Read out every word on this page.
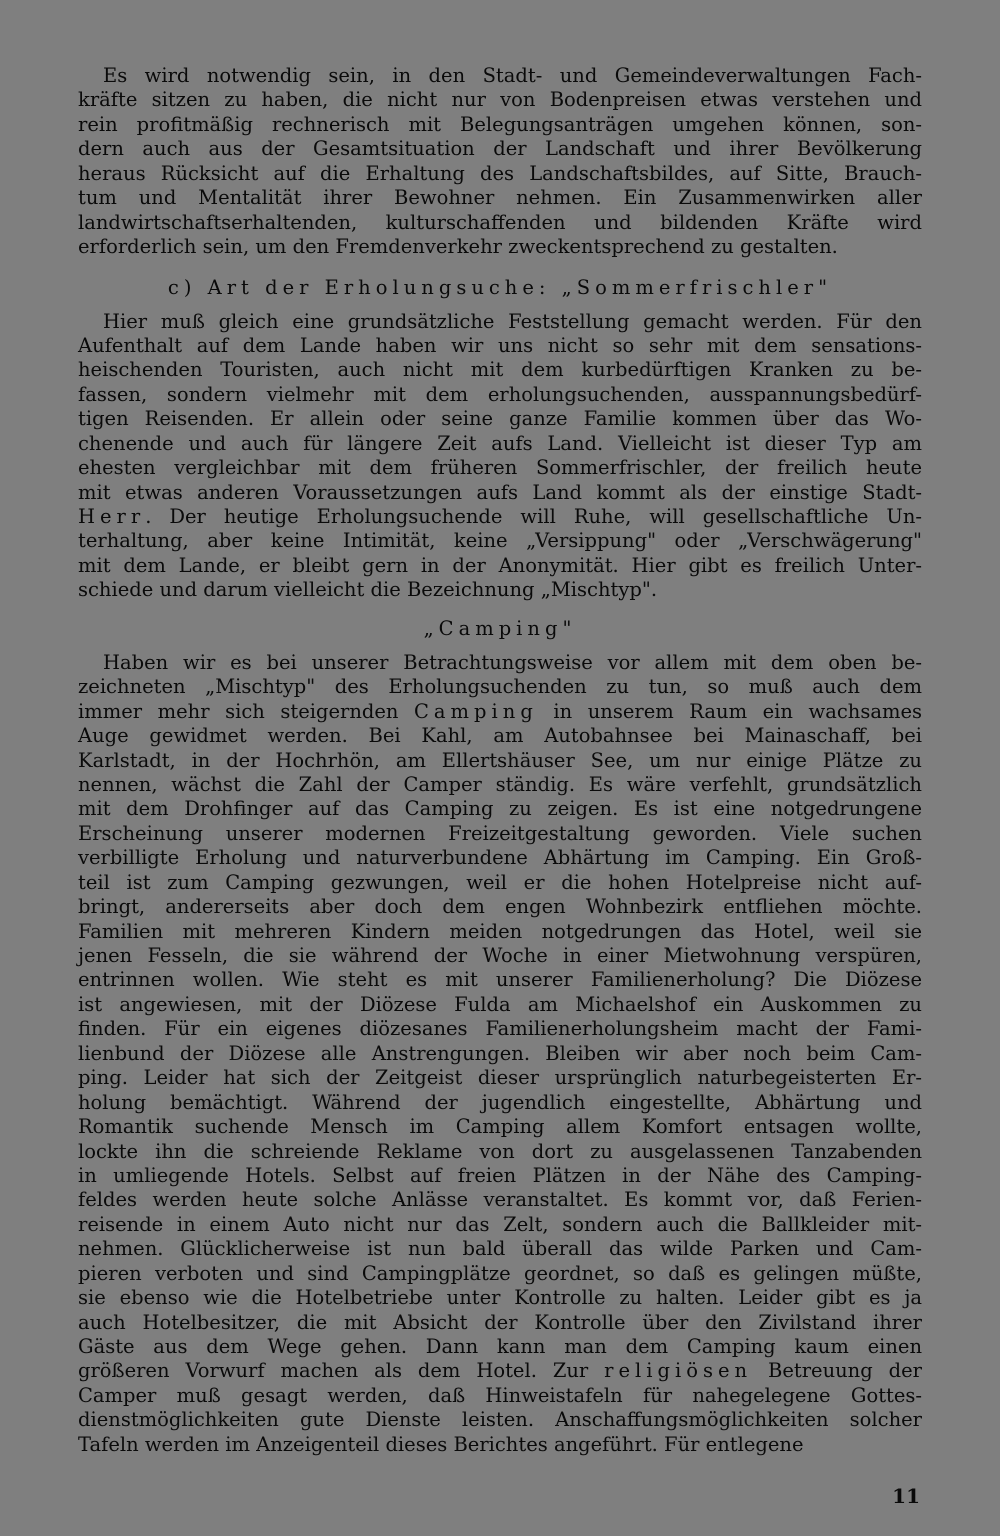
Es wird notwendig sein, in den Stadt- und Gemeindeverwaltungen Fach-
kräfte sitzen zu haben, die nicht nur von Bodenpreisen etwas verstehen und
rein profitmäßig rechnerisch mit Belegungsanträgen umgehen können, son-
dern auch aus der Gesamtsituation der Landschaft und ihrer Bevölkerung
heraus Rücksicht auf die Erhaltung des Landschaftsbildes, auf Sitte, Brauch-
tum und Mentalität ihrer Bewohner nehmen. Ein Zusammenwirken aller
landwirtschaftserhaltenden, kulturschaffenden und bildenden Kräfte wird
erforderlich sein, um den Fremdenverkehr zweckentsprechend zu gestalten.
c) Art der Erholungsuche: „Sommerfrischler"
Hier muß gleich eine grundsätzliche Feststellung gemacht werden. Für den
Aufenthalt auf dem Lande haben wir uns nicht so sehr mit dem sensations-
heischenden Touristen, auch nicht mit dem kurbedürftigen Kranken zu be-
fassen, sondern vielmehr mit dem erholungsuchenden, ausspannungsbedürf-
tigen Reisenden. Er allein oder seine ganze Familie kommen über das Wo-
chenende und auch für längere Zeit aufs Land. Vielleicht ist dieser Typ am
ehesten vergleichbar mit dem früheren Sommerfrischler, der freilich heute
mit etwas anderen Voraussetzungen aufs Land kommt als der einstige Stadt-
Herr. Der heutige Erholungsuchende will Ruhe, will gesellschaftliche Un-
terhaltung, aber keine Intimität, keine „Versippung" oder „Verschwägerung"
mit dem Lande, er bleibt gern in der Anonymität. Hier gibt es freilich Unter-
schiede und darum vielleicht die Bezeichnung „Mischtyp".
„Camping"
Haben wir es bei unserer Betrachtungsweise vor allem mit dem oben be-
zeichneten „Mischtyp" des Erholungsuchenden zu tun, so muß auch dem
immer mehr sich steigernden Camping in unserem Raum ein wachsames
Auge gewidmet werden. Bei Kahl, am Autobahnsee bei Mainaschaff, bei
Karlstadt, in der Hochrhön, am Ellertshäuser See, um nur einige Plätze zu
nennen, wächst die Zahl der Camper ständig. Es wäre verfehlt, grundsätzlich
mit dem Drohfinger auf das Camping zu zeigen. Es ist eine notgedrungene
Erscheinung unserer modernen Freizeitgestaltung geworden. Viele suchen
verbilligte Erholung und naturverbundene Abhärtung im Camping. Ein Groß-
teil ist zum Camping gezwungen, weil er die hohen Hotelpreise nicht auf-
bringt, andererseits aber doch dem engen Wohnbezirk entfliehen möchte.
Familien mit mehreren Kindern meiden notgedrungen das Hotel, weil sie
jenen Fesseln, die sie während der Woche in einer Mietwohnung verspüren,
entrinnen wollen. Wie steht es mit unserer Familienerholung? Die Diözese
ist angewiesen, mit der Diözese Fulda am Michaelshof ein Auskommen zu
finden. Für ein eigenes diözesanes Familienerholungsheim macht der Fami-
lienbund der Diözese alle Anstrengungen. Bleiben wir aber noch beim Cam-
ping. Leider hat sich der Zeitgeist dieser ursprünglich naturbegeisterten Er-
holung bemächtigt. Während der jugendlich eingestellte, Abhärtung und
Romantik suchende Mensch im Camping allem Komfort entsagen wollte,
lockte ihn die schreiende Reklame von dort zu ausgelassenen Tanzabenden
in umliegende Hotels. Selbst auf freien Plätzen in der Nähe des Camping-
feldes werden heute solche Anlässe veranstaltet. Es kommt vor, daß Ferien-
reisende in einem Auto nicht nur das Zelt, sondern auch die Ballkleider mit-
nehmen. Glücklicherweise ist nun bald überall das wilde Parken und Cam-
pieren verboten und sind Campingplätze geordnet, so daß es gelingen müßte,
sie ebenso wie die Hotelbetriebe unter Kontrolle zu halten. Leider gibt es ja
auch Hotelbesitzer, die mit Absicht der Kontrolle über den Zivilstand ihrer
Gäste aus dem Wege gehen. Dann kann man dem Camping kaum einen
größeren Vorwurf machen als dem Hotel. Zur religiösen Betreuung der
Camper muß gesagt werden, daß Hinweistafeln für nahegelegene Gottes-
dienstmöglichkeiten gute Dienste leisten. Anschaffungsmöglichkeiten solcher
Tafeln werden im Anzeigenteil dieses Berichtes angeführt. Für entlegene
11
